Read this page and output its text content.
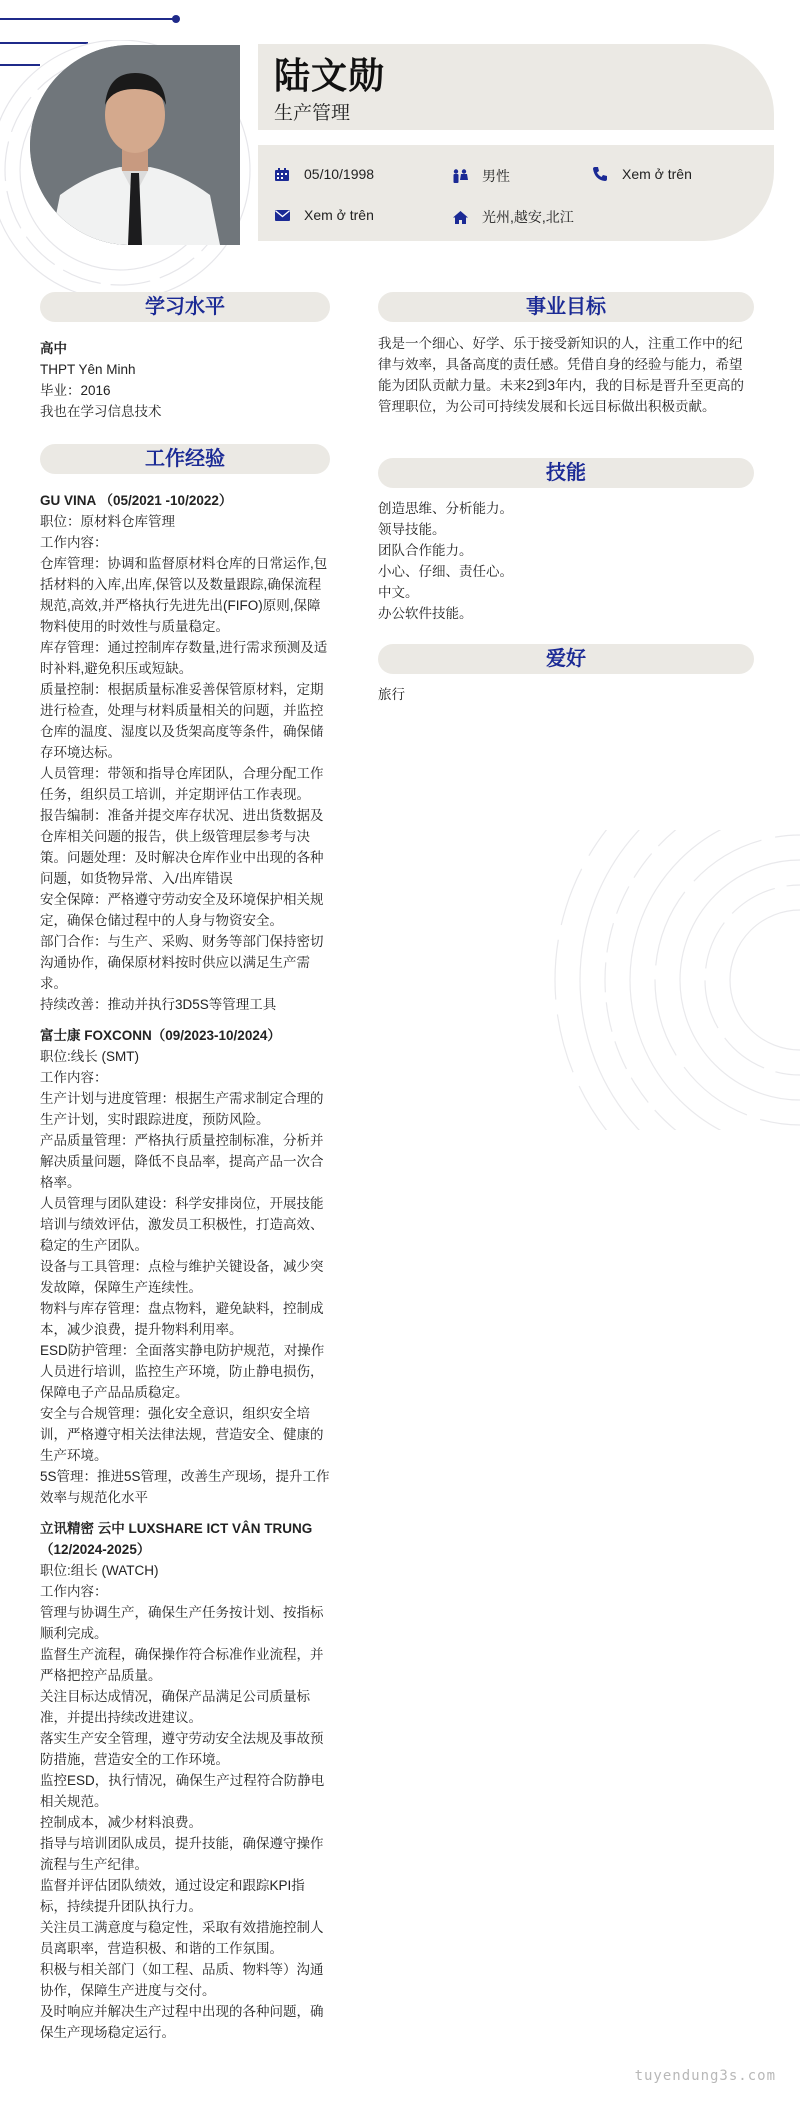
陆文勋
生产管理
05/10/1998	男性	Xem ở trên
Xem ở trên	光州,越安,北江
学习水平

高中

THPT Yên Minh

毕业：2016

我也在学习信息技术

工作经验

GU VINA （05/2021 -10/2022）

职位：原材料仓库管理

工作内容：

仓库管理：协调和监督原材料仓库的日常运作,包括材料的入库,出库,保管以及数量跟踪,确保流程规范,高效,并严格执行先进先出(FIFO)原则,保障物料使用的时效性与质量稳定。

库存管理：通过控制库存数量,进行需求预测及适时补料,避免积压或短缺。

质量控制：根据质量标准妥善保管原材料，定期进行检查，处理与材料质量相关的问题，并监控仓库的温度、湿度以及货架高度等条件，确保储存环境达标。

人员管理：带领和指导仓库团队，合理分配工作任务，组织员工培训，并定期评估工作表现。

报告编制：准备并提交库存状况、进出货数据及仓库相关问题的报告，供上级管理层参考与决策。问题处理：及时解决仓库作业中出现的各种问题，如货物异常、入/出库错误

安全保障：严格遵守劳动安全及环境保护相关规定，确保仓储过程中的人身与物资安全。

部门合作：与生产、采购、财务等部门保持密切沟通协作，确保原材料按时供应以满足生产需求。

持续改善：推动并执行3D5S等管理工具

富士康 FOXCONN（09/2023-10/2024）

职位:线长 (SMT)

工作内容：

生产计划与进度管理：根据生产需求制定合理的生产计划，实时跟踪进度，预防风险。

产品质量管理：严格执行质量控制标准，分析并解决质量问题，降低不良品率，提高产品一次合格率。

人员管理与团队建设：科学安排岗位，开展技能培训与绩效评估，激发员工积极性，打造高效、稳定的生产团队。

设备与工具管理：点检与维护关键设备，减少突发故障，保障生产连续性。

物料与库存管理：盘点物料，避免缺料，控制成本，减少浪费，提升物料利用率。

ESD防护管理：全面落实静电防护规范，对操作人员进行培训，监控生产环境，防止静电损伤，保障电子产品品质稳定。

安全与合规管理：强化安全意识，组织安全培训，严格遵守相关法律法规，营造安全、健康的生产环境。

5S管理：推进5S管理，改善生产现场，提升工作效率与规范化水平

立讯精密 云中 LUXSHARE ICT VÂN TRUNG（12/2024-2025）

职位:组长 (WATCH)

工作内容：

管理与协调生产，确保生产任务按计划、按指标顺利完成。

监督生产流程，确保操作符合标准作业流程，并严格把控产品质量。

关注目标达成情况，确保产品满足公司质量标准，并提出持续改进建议。

落实生产安全管理，遵守劳动安全法规及事故预防措施，营造安全的工作环境。

监控ESD，执行情况，确保生产过程符合防静电相关规范。

控制成本，减少材料浪费。

指导与培训团队成员，提升技能，确保遵守操作流程与生产纪律。

监督并评估团队绩效，通过设定和跟踪KPI指标，持续提升团队执行力。

关注员工满意度与稳定性，采取有效措施控制人员离职率，营造积极、和谐的工作氛围。

积极与相关部门（如工程、品质、物料等）沟通协作，保障生产进度与交付。

及时响应并解决生产过程中出现的各种问题，确保生产现场稳定运行。

事业目标
我是一个细心、好学、乐于接受新知识的人，注重工作中的纪律与效率，具备高度的责任感。凭借自身的经验与能力，希望能为团队贡献力量。未来2到3年内，我的目标是晋升至更高的管理职位，为公司可持续发展和长远目标做出积极贡献。
技能

创造思维、分析能力。

领导技能。

团队合作能力。

小心、仔细、责任心。

中文。

办公软件技能。

爱好
旅行
tuyendung3s.com
